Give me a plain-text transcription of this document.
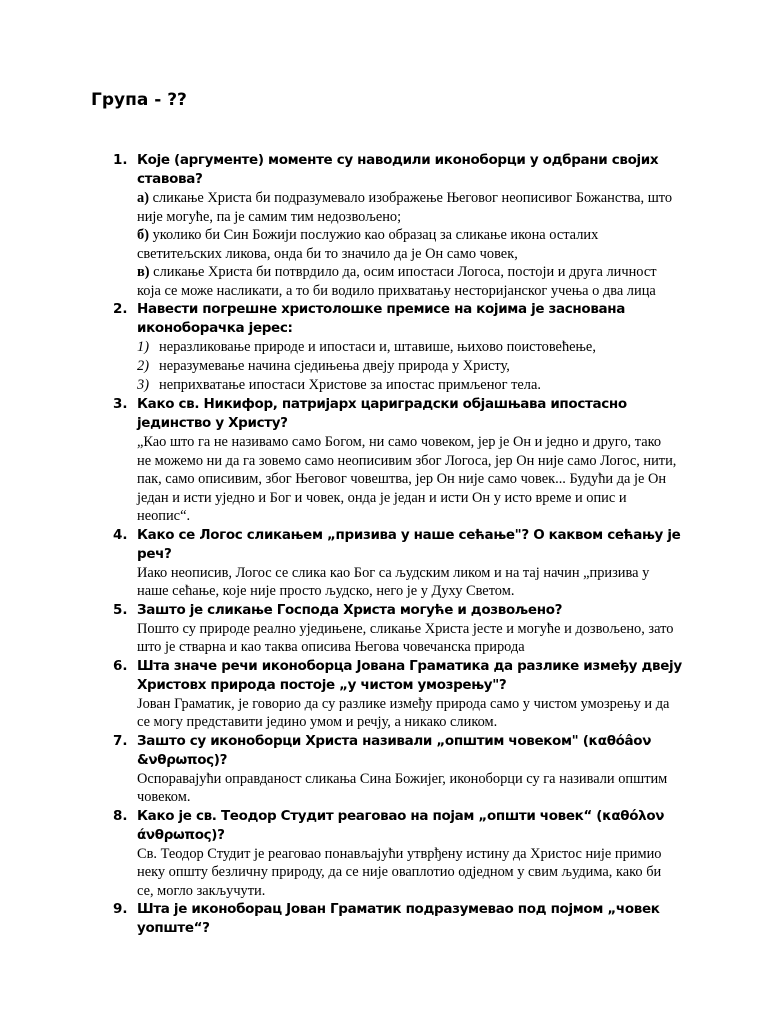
Група - ??
1. Које (аргументе) моменте су наводили иконоборци у одбрани својих ставова?
а) сликање Христа би подразумевало изображење Његовог неописивог Божанства, што није могуће, па је самим тим недозвољено;
б) уколико би Син Божији послужио као образац за сликање икона осталих светитељских ликова, онда би то значило да је Он само човек,
в) сликање Христа би потврдило да, осим ипостаси Логоса, постоји и друга личност која се може насликати, а то би водило прихватању несторијанског учења о два лица
2. Навести погрешне христолошке премисе на којима је заснована иконоборачка јерес:
1) неразликовање природе и ипостаси и, штавише, њихово поистовећење,
2) неразумевање начина сједињења двеју природа у Христу,
3) неприхватање ипостаси Христове за ипостас примљеног тела.
3. Како св. Никифор, патријарх цариградски објашњава ипостасно јединство у Христу?
„Као што га не називамо само Богом, ни само човеком, јер је Он и једно и друго, тако не можемо ни да га зовемо само неописивим због Логоса, јер Он није само Логос, нити, пак, само описивим, због Његовог човештва, јер Он није само човек... Будући да је Он један и исти уједно и Бог и човек, онда је један и исти Он у исто време и опис и неопис“.
4. Како се Логос сликањем „призива у наше сећање"? О каквом сећању је реч?
Иако неописив, Логос се слика као Бог са људским ликом и на тај начин „призива у наше сећање, које није просто људско, него је у Духу Светом.
5. Зашто је сликање Господа Христа могуће и дозвољено?
Пошто су природе реално уједињене, сликање Христа јесте и могуће и дозвољено, зато што је стварна и као таква описива Његова човечанска природа
6. Шта значе речи иконоборца Јована Граматика да разлике између двеју Христовх природа постоје „у чистом умозрењу"?
Јован Граматик, је говорио да су разлике између природа само у чистом умозрењу и да се могу представити једино умом и речју, а никако сликом.
7. Зашто су иконоборци Христа називали „општим човеком" (καθόâον &νθρωπος)?
Оспоравајући оправданост сликања Сина Божијег, иконоборци су га називали општим човеком.
8. Како је св. Теодор Студит реаговао на појам „општи човек“ (καθόλον άνθρωπος)?
Св. Теодор Студит је реаговао понављајући утврђену истину да Христос није примио неку општу безличну природу, да се није оваплотио одједном у свим људима, како би се, могло закључути.
9. Шта је иконоборац Јован Граматик подразумевао под појмом „човек уопште“?
